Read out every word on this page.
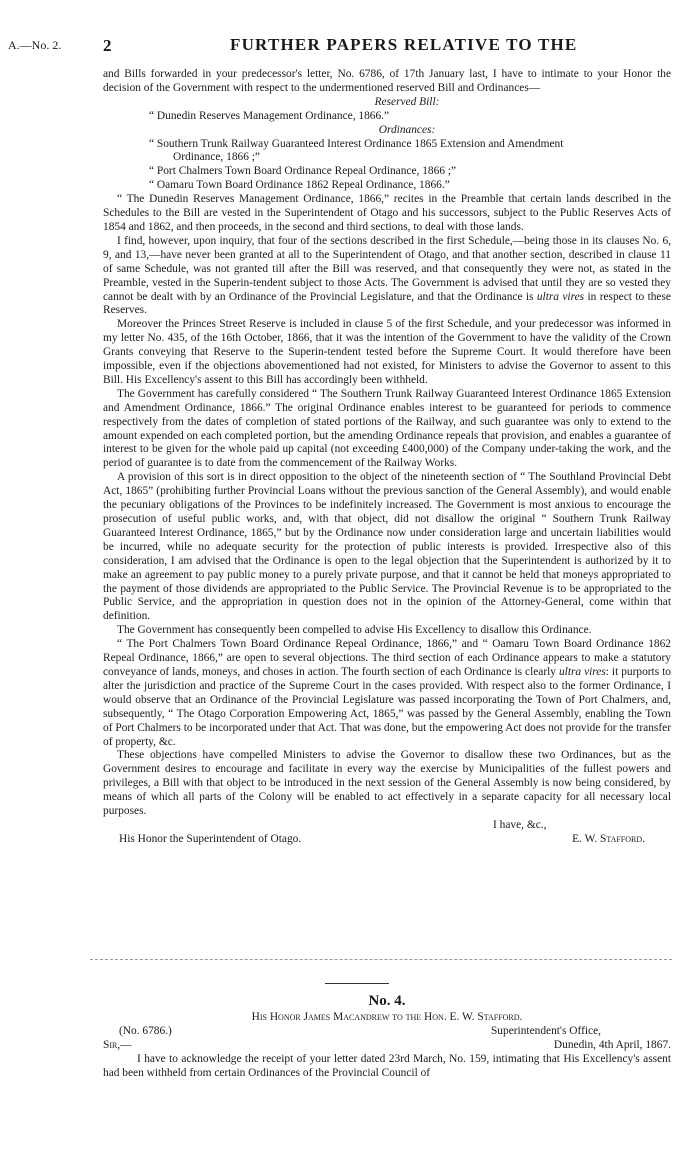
A.—No. 2. 2	FURTHER PAPERS RELATIVE TO THE

and Bills forwarded in your predecessor's letter, No. 6786, of 17th January last, I have to intimate to your Honor the decision of the Government with respect to the undermentioned reserved Bill and Ordinances—

Reserved Bill:

“ Dunedin Reserves Management Ordinance, 1866.”

Ordinances:

“ Southern Trunk Railway Guaranteed Interest Ordinance 1865 Extension and Amendment

Ordinance, 1866 ;”

“ Port Chalmers Town Board Ordinance Repeal Ordinance, 1866 ;”

“ Oamaru Town Board Ordinance 1862 Repeal Ordinance, 1866.”

“ The Dunedin Reserves Management Ordinance, 1866,” recites in the Preamble that certain lands described in the Schedules to the Bill are vested in the Superintendent of Otago and his successors, subject to the Public Reserves Acts of 1854 and 1862, and then proceeds, in the second and third sections, to deal with those lands.

I find, however, upon inquiry, that four of the sections described in the first Schedule,—being those in its clauses No. 6, 9, and 13,—have never been granted at all to the Superintendent of Otago, and that another section, described in clause 11 of same Schedule, was not granted till after the Bill was reserved, and that consequently they were not, as stated in the Preamble, vested in the Superin-tendent subject to those Acts. The Government is advised that until they are so vested they cannot be dealt with by an Ordinance of the Provincial Legislature, and that the Ordinance is ultra vires in respect to these Reserves.

Moreover the Princes Street Reserve is included in clause 5 of the first Schedule, and your predecessor was informed in my letter No. 435, of the 16th October, 1866, that it was the intention of the Government to have the validity of the Crown Grants conveying that Reserve to the Superin-tendent tested before the Supreme Court. It would therefore have been impossible, even if the objections abovementioned had not existed, for Ministers to advise the Governor to assent to this Bill. His Excellency's assent to this Bill has accordingly been withheld.

The Government has carefully considered “ The Southern Trunk Railway Guaranteed Interest Ordinance 1865 Extension and Amendment Ordinance, 1866.” The original Ordinance enables interest to be guaranteed for periods to commence respectively from the dates of completion of stated portions of the Railway, and such guarantee was only to extend to the amount expended on each completed portion, but the amending Ordinance repeals that provision, and enables a guarantee of interest to be given for the whole paid up capital (not exceeding £400,000) of the Company under-taking the work, and the period of guarantee is to date from the commencement of the Railway Works.

A provision of this sort is in direct opposition to the object of the nineteenth section of “ The Southland Provincial Debt Act, 1865” (prohibiting further Provincial Loans without the previous sanction of the General Assembly), and would enable the pecuniary obligations of the Provinces to be indefinitely increased. The Government is most anxious to encourage the prosecution of useful public works, and, with that object, did not disallow the original “ Southern Trunk Railway Guaranteed Interest Ordinance, 1865,” but by the Ordinance now under consideration large and uncertain liabilities would be incurred, while no adequate security for the protection of public interests is provided. Irrespective also of this consideration, I am advised that the Ordinance is open to the legal objection that the Superintendent is authorized by it to make an agreement to pay public money to a purely private purpose, and that it cannot be held that moneys appropriated to the payment of those dividends are appropriated to the Public Service. The Provincial Revenue is to be appropriated to the Public Service, and the appropriation in question does not in the opinion of the Attorney-General, come within that definition.

The Government has consequently been compelled to advise His Excellency to disallow this Ordinance.

“ The Port Chalmers Town Board Ordinance Repeal Ordinance, 1866,” and “ Oamaru Town Board Ordinance 1862 Repeal Ordinance, 1866,” are open to several objections. The third section of each Ordinance appears to make a statutory conveyance of lands, moneys, and choses in action. The fourth section of each Ordinance is clearly ultra vires: it purports to alter the jurisdiction and practice of the Supreme Court in the cases provided. With respect also to the former Ordinance, I would observe that an Ordinance of the Provincial Legislature was passed incorporating the Town of Port Chalmers, and, subsequently, “ The Otago Corporation Empowering Act, 1865,” was passed by the General Assembly, enabling the Town of Port Chalmers to be incorporated under that Act. That was done, but the empowering Act does not provide for the transfer of property, &c.

These objections have compelled Ministers to advise the Governor to disallow these two Ordinances, but as the Government desires to encourage and facilitate in every way the exercise by Municipalities of the fullest powers and privileges, a Bill with that object to be introduced in the next session of the General Assembly is now being considered, by means of which all parts of the Colony will be enabled to act effectively in a separate capacity for all necessary local purposes.

I have, &c.,

His Honor the Superintendent of Otago.	E. W. Stafford.

No. 4.

His Honor James Macandrew to the Hon. E. W. Stafford.

(No. 6786.)	Superintendent's Office,
Sir,—	Dunedin, 4th April, 1867.

I have to acknowledge the receipt of your letter dated 23rd March, No. 159, intimating that His Excellency's assent had been withheld from certain Ordinances of the Provincial Council of
